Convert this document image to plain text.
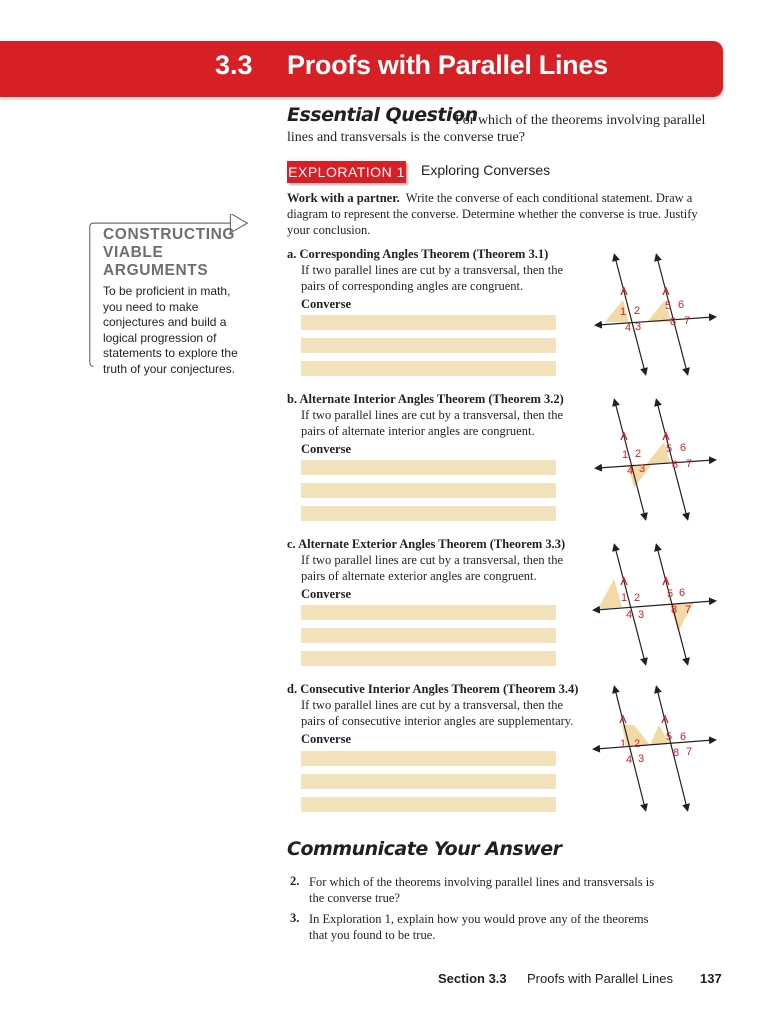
3.3 Proofs with Parallel Lines
Essential Question
For which of the theorems involving parallel lines and transversals is the converse true?
EXPLORATION 1 Exploring Converses
Work with a partner. Write the converse of each conditional statement. Draw a diagram to represent the converse. Determine whether the converse is true. Justify your conclusion.
CONSTRUCTING VIABLE ARGUMENTS
To be proficient in math, you need to make conjectures and build a logical progression of statements to explore the truth of your conjectures.
a. Corresponding Angles Theorem (Theorem 3.1)
If two parallel lines are cut by a transversal, then the
pairs of corresponding angles are congruent.
Converse
b. Alternate Interior Angles Theorem (Theorem 3.2)
If two parallel lines are cut by a transversal, then the
pairs of alternate interior angles are congruent.
Converse
c. Alternate Exterior Angles Theorem (Theorem 3.3)
If two parallel lines are cut by a transversal, then the
pairs of alternate exterior angles are congruent.
Converse
d. Consecutive Interior Angles Theorem (Theorem 3.4)
If two parallel lines are cut by a transversal, then the
pairs of consecutive interior angles are supplementary.
Converse
1 2
3
4
5 6
7
8
1 2
3
4
5 6
7
8
1 2
3
4
5 6
7
8
1 2
3
4
5 6
7
8
Communicate Your Answer
2. For which of the theorems involving parallel lines and transversals is
the converse true?
3. In Exploration 1, explain how you would prove any of the theorems
that you found to be true.
Section 3.3 Proofs with Parallel Lines 137
